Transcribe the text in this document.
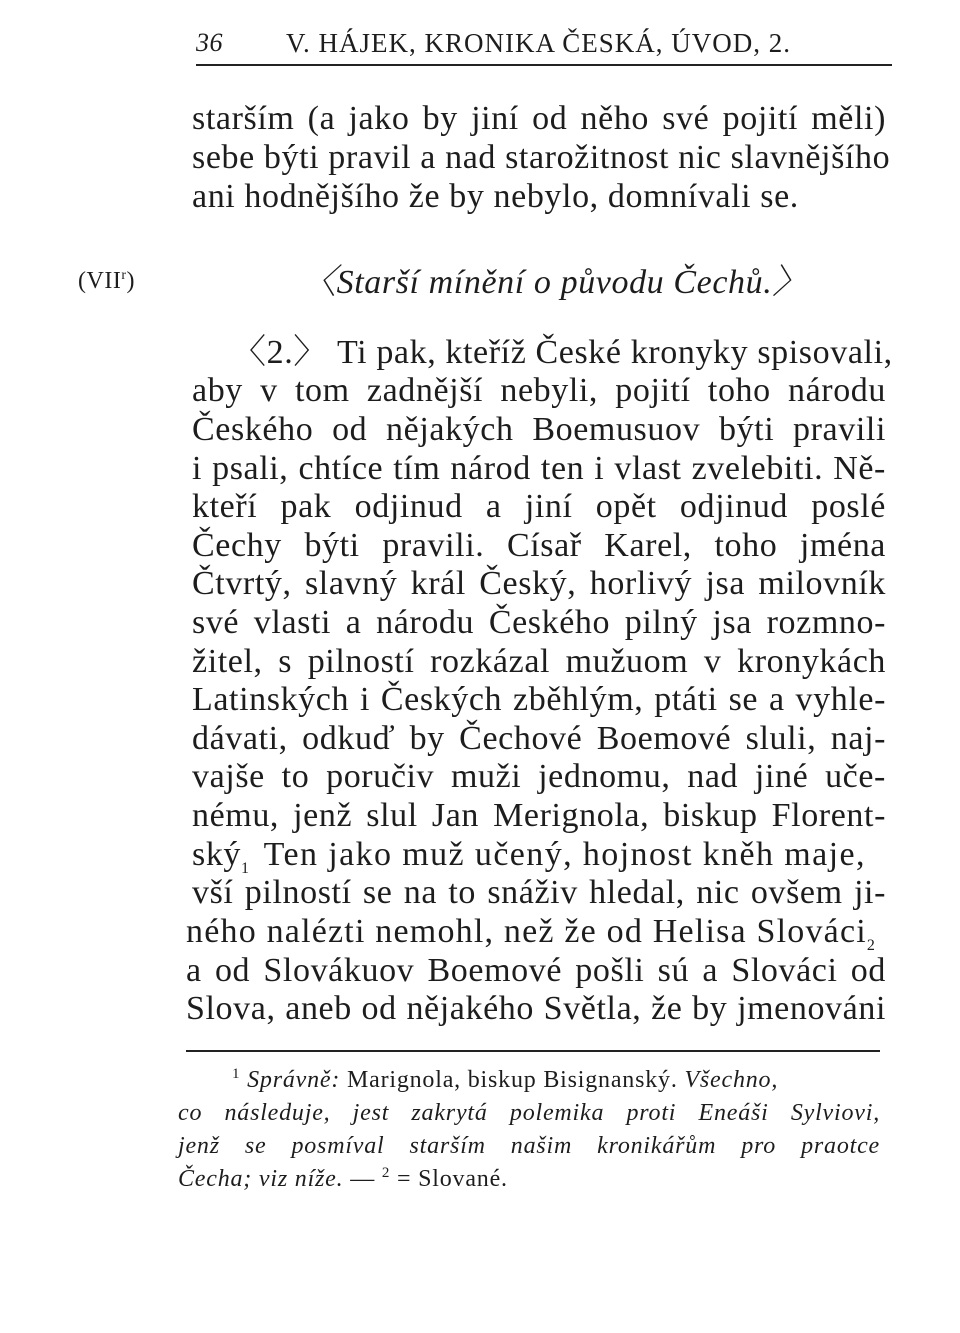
36 V. HÁJEK, KRONIKA ČESKÁ, ÚVOD, 2.
starším (a jako by jiní od něho své pojití měli)
sebe býti pravil a nad starožitnost nic slavnějšího
ani hodnějšího že by nebylo, domnívali se.
(VII$^r$)	〈Starší mínění o původu Čechů.〉
〈2.〉 Ti pak, kteříž České kronyky spisovali,
aby v tom zadnější nebyli, pojití toho národu
Českého od nějakých Boemusuov býti pravili
i psali, chtíce tím národ ten i vlast zvelebiti. Ně-
kteří pak odjinud a jiní opět odjinud poslé
Čechy býti pravili. Císař Karel, toho jména
Čtvrtý, slavný král Český, horlivý jsa milovník
své vlasti a národu Českého pilný jsa rozmno-
žitel, s pilností rozkázal mužuom v kronykách
Latinských i Českých zběhlým, ptáti se a vyhle-
dávati, odkuď by Čechové Boemové sluli, naj-
vajše to poručiv muži jednomu, nad jiné uče-
nému, jenž slul Jan Merignola, biskup Florent-
ský$_1$ Ten jako muž učený, hojnost kněh maje,
vší pilností se na to snáživ hledal, nic ovšem ji-
ného nalézti nemohl, než že od Helisa Slováci$_2$
a od Slovákuov Boemové pošli sú a Slováci od
Slova, aneb od nějakého Světla, že by jmenováni
$^1$ Správně: Marignola, biskup Bisignanský. Všechno,
co následuje, jest zakrytá polemika proti Eneáši Sylviovi,
jenž se posmíval starším našim kronikářům pro praotce
Čecha; viz níže. — $^2$ = Slované.
